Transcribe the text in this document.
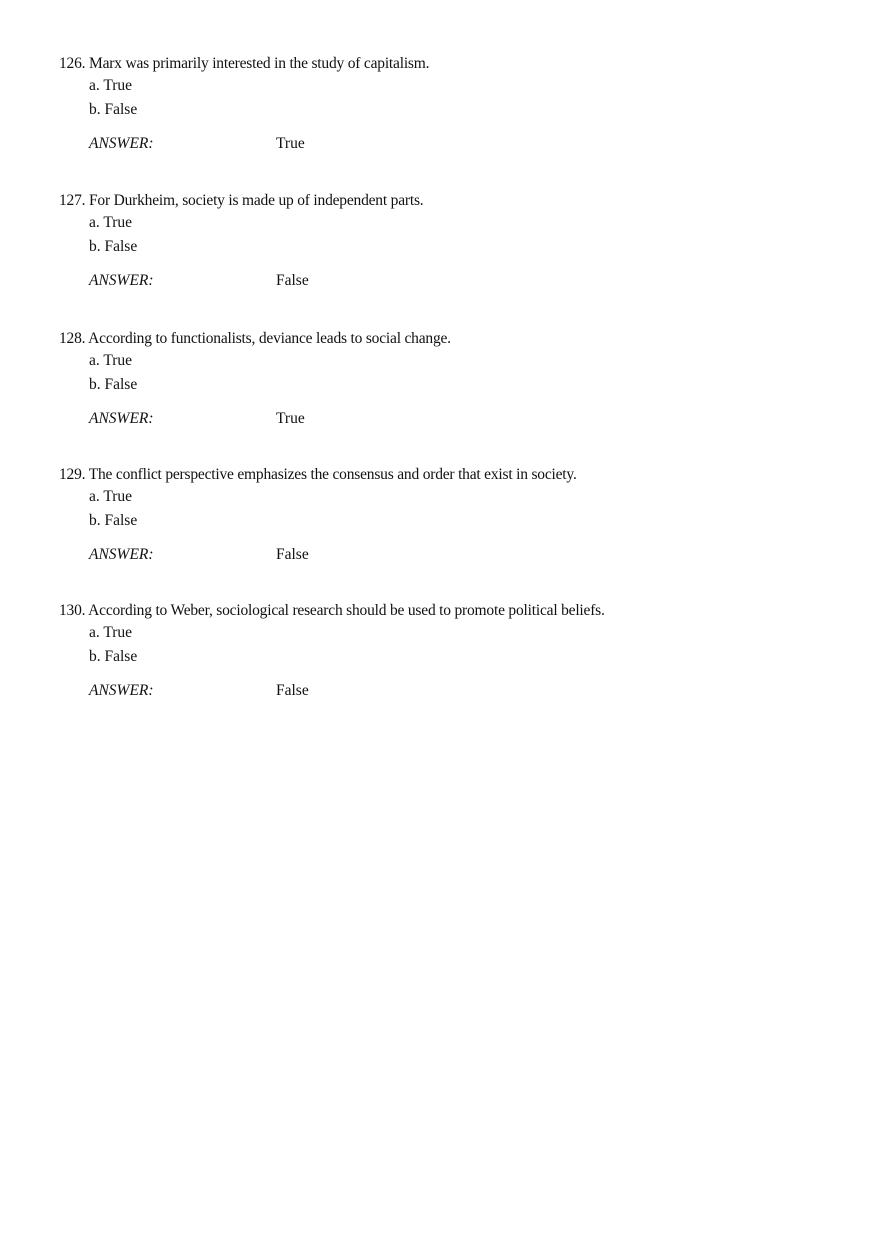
126. Marx was primarily interested in the study of capitalism.
a. True
b. False
ANSWER:	True
127. For Durkheim, society is made up of independent parts.
a. True
b. False
ANSWER:	False
128. According to functionalists, deviance leads to social change.
a. True
b. False
ANSWER:	True
129. The conflict perspective emphasizes the consensus and order that exist in society.
a. True
b. False
ANSWER:	False
130. According to Weber, sociological research should be used to promote political beliefs.
a. True
b. False
ANSWER:	False
